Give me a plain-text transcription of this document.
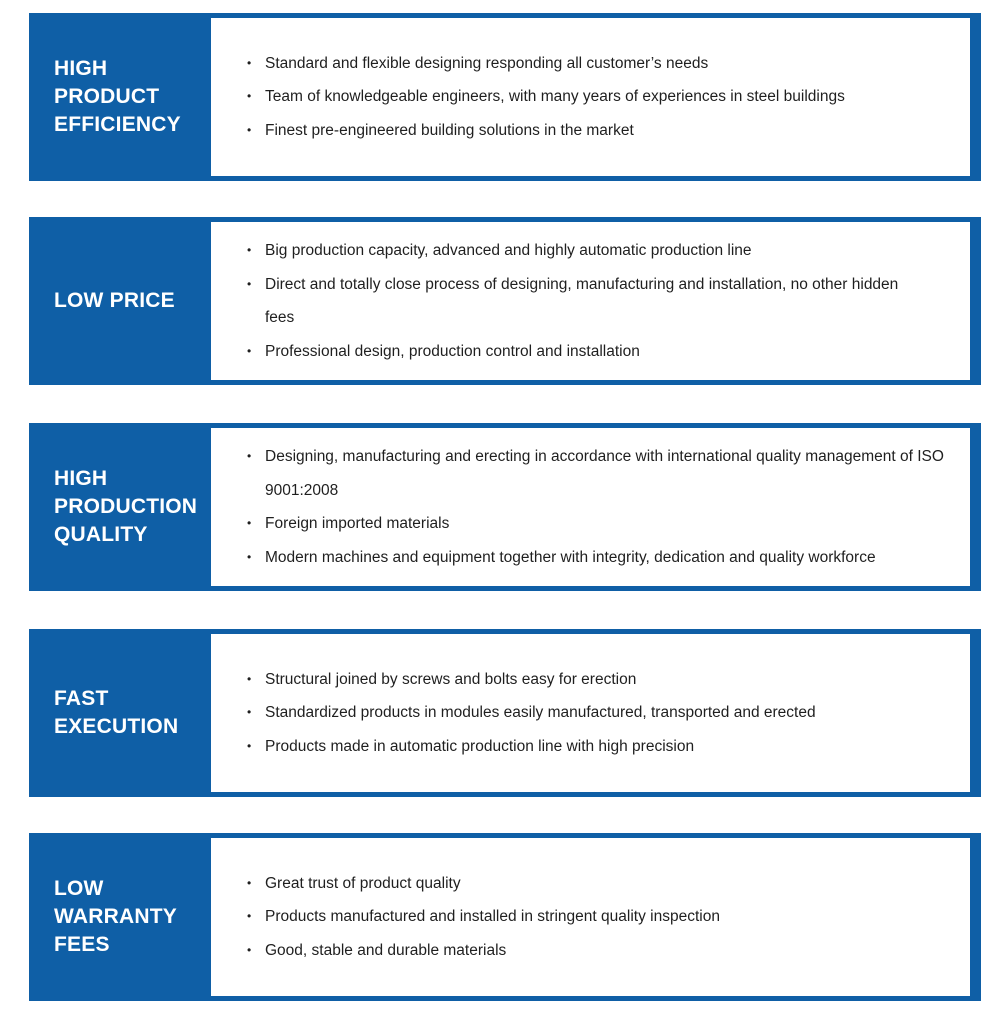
HIGH
PRODUCT
EFFICIENCY
• Standard and flexible designing responding all customer’s needs
• Team of knowledgeable engineers, with many years of experiences in steel buildings
• Finest pre-engineered building solutions in the market
LOW PRICE
• Big production capacity, advanced and highly automatic production line
• Direct and totally close process of designing, manufacturing and installation, no other hidden fees
• Professional design, production control and installation
HIGH
PRODUCTION
QUALITY
• Designing, manufacturing and erecting in accordance with international quality management of ISO 9001:2008
• Foreign imported materials
• Modern machines and equipment together with integrity, dedication and quality workforce
FAST
EXECUTION
• Structural joined by screws and bolts easy for erection
• Standardized products in modules easily manufactured, transported and erected
• Products made in automatic production line with high precision
LOW
WARRANTY
FEES
• Great trust of product quality
• Products manufactured and installed in stringent quality inspection
• Good, stable and durable materials
